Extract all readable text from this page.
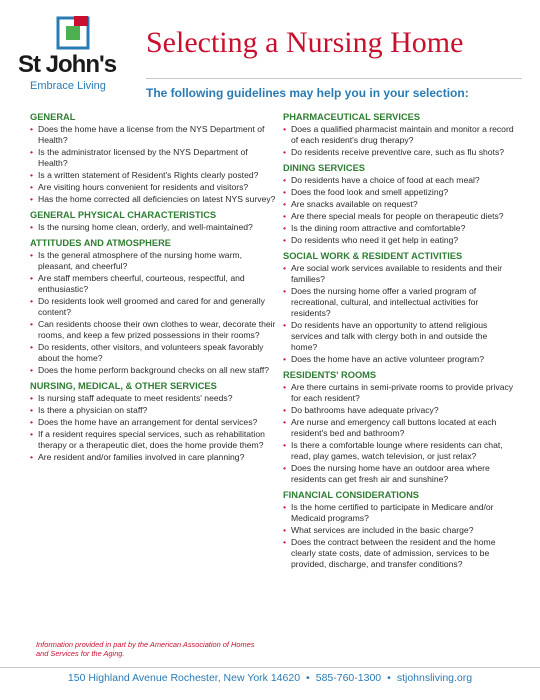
St John's
Embrace Living
Selecting a Nursing Home
The following guidelines may help you in your selection:
GENERAL
• Does the home have a license from the NYS Department of Health?
• Is the administrator licensed by the NYS Department of Health?
• Is a written statement of Resident's Rights clearly posted?
• Are visiting hours convenient for residents and visitors?
• Has the home corrected all deficiencies on latest NYS survey?
GENERAL PHYSICAL CHARACTERISTICS
• Is the nursing home clean, orderly, and well-maintained?
ATTITUDES AND ATMOSPHERE
• Is the general atmosphere of the nursing home warm, pleasant, and cheerful?
• Are staff members cheerful, courteous, respectful, and enthusiastic?
• Do residents look well groomed and cared for and generally content?
• Can residents choose their own clothes to wear, decorate their rooms, and keep a few prized possessions in their rooms?
• Do residents, other visitors, and volunteers speak favorably about the home?
• Does the home perform background checks on all new staff?
NURSING, MEDICAL, & OTHER SERVICES
• Is nursing staff adequate to meet residents' needs?
• Is there a physician on staff?
• Does the home have an arrangement for dental services?
• If a resident requires special services, such as rehabilitation therapy or a therapeutic diet, does the home provide them?
• Are resident and/or families involved in care planning?
PHARMACEUTICAL SERVICES
• Does a qualified pharmacist maintain and monitor a record of each resident's drug therapy?
• Do residents receive preventive care, such as flu shots?
DINING SERVICES
• Do residents have a choice of food at each meal?
• Does the food look and smell appetizing?
• Are snacks available on request?
• Are there special meals for people on therapeutic diets?
• Is the dining room attractive and comfortable?
• Do residents who need it get help in eating?
SOCIAL WORK & RESIDENT ACTIVITIES
• Are social work services available to residents and their families?
• Does the nursing home offer a varied program of recreational, cultural, and intellectual activities for residents?
• Do residents have an opportunity to attend religious services and talk with clergy both in and outside the home?
• Does the home have an active volunteer program?
RESIDENTS' ROOMS
• Are there curtains in semi-private rooms to provide privacy for each resident?
• Do bathrooms have adequate privacy?
• Are nurse and emergency call buttons located at each resident's bed and bathroom?
• Is there a comfortable lounge where residents can chat, read, play games, watch television, or just relax?
• Does the nursing home have an outdoor area where residents can get fresh air and sunshine?
FINANCIAL CONSIDERATIONS
• Is the home certified to participate in Medicare and/or Medicaid programs?
• What services are included in the basic charge?
• Does the contract between the resident and the home clearly state costs, date of admission, services to be provided, discharge, and transfer conditions?
Information provided in part by the American Association of Homes and Services for the Aging.
150 Highland Avenue Rochester, New York 14620 • 585-760-1300 • stjohnsliving.org
